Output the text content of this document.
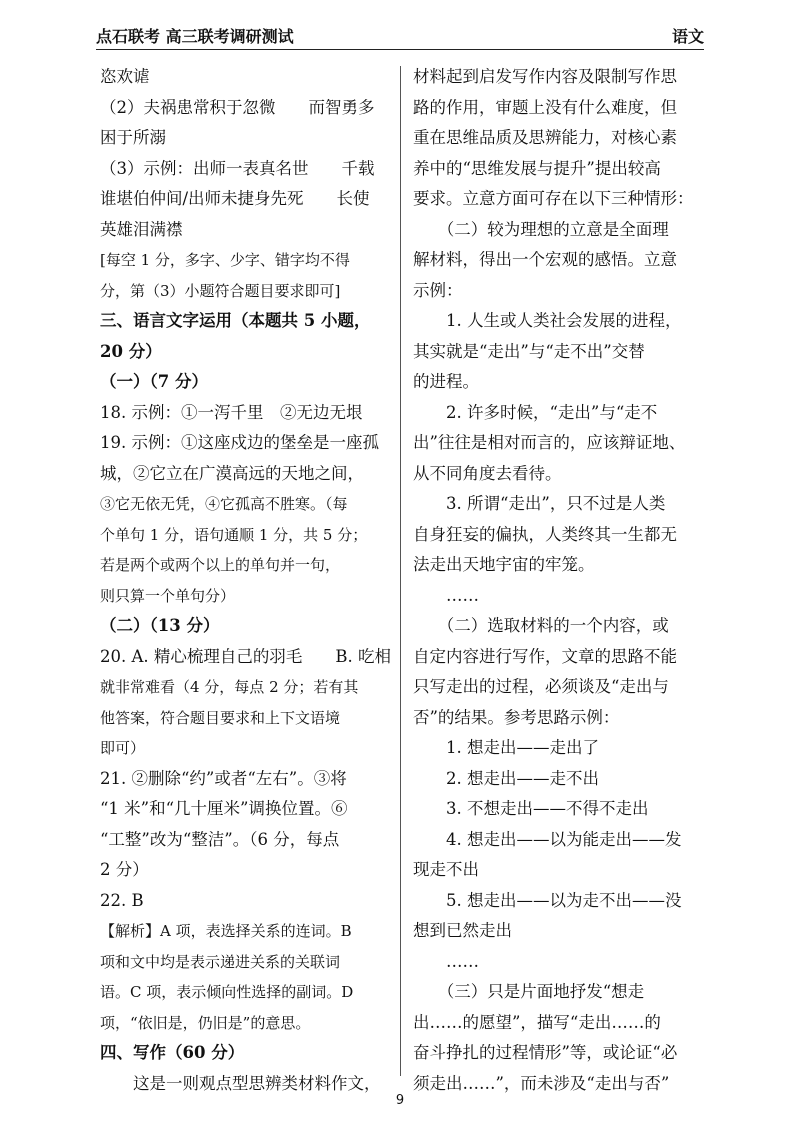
点石联考 高三联考调研测试	语文
恣欢谑
（2）夫祸患常积于忽微　　而智勇多
困于所溺
（3）示例：出师一表真名世　　千载
谁堪伯仲间/出师未捷身先死　　长使
英雄泪满襟
[每空 1 分，多字、少字、错字均不得
分，第（3）小题符合题目要求即可]
三、语言文字运用（本题共 5 小题，
20 分）
（一）（7 分）
18. 示例：①一泻千里　②无边无垠
19. 示例：①这座戍边的堡垒是一座孤
城，②它立在广漠高远的天地之间，
③它无依无凭，④它孤高不胜寒。（每
个单句 1 分，语句通顺 1 分，共 5 分；
若是两个或两个以上的单句并一句，
则只算一个单句分）
（二）（13 分）
20. A. 精心梳理自己的羽毛　　B. 吃相
就非常难看（4 分，每点 2 分；若有其
他答案，符合题目要求和上下文语境
即可）
21. ②删除“约”或者“左右”。③将
“1 米”和“几十厘米”调换位置。⑥
“工整”改为“整洁”。（6 分，每点
2 分）
22. B
【解析】A 项，表选择关系的连词。B
项和文中均是表示递进关系的关联词
语。C 项，表示倾向性选择的副词。D
项，“依旧是，仍旧是”的意思。
四、写作（60 分）
　　这是一则观点型思辨类材料作文，
材料起到启发写作内容及限制写作思
路的作用，审题上没有什么难度，但
重在思维品质及思辨能力，对核心素
养中的“思维发展与提升”提出较高
要求。立意方面可存在以下三种情形：
　　（二）较为理想的立意是全面理
解材料，得出一个宏观的感悟。立意
示例：
　　1. 人生或人类社会发展的进程，
其实就是“走出”与“走不出”交替
的进程。
　　2. 许多时候，“走出”与“走不
出”往往是相对而言的，应该辩证地、
从不同角度去看待。
　　3. 所谓“走出”，只不过是人类
自身狂妄的偏执，人类终其一生都无
法走出天地宇宙的牢笼。
　　……
　　（二）选取材料的一个内容，或
自定内容进行写作，文章的思路不能
只写走出的过程，必须谈及“走出与
否”的结果。参考思路示例：
　　1. 想走出——走出了
　　2. 想走出——走不出
　　3. 不想走出——不得不走出
　　4. 想走出——以为能走出——发
现走不出
　　5. 想走出——以为走不出——没
想到已然走出
　　……
　　（三）只是片面地抒发“想走
出……的愿望”，描写“走出……的
奋斗挣扎的过程情形”等，或论证“必
须走出……”，而未涉及“走出与否”
9
